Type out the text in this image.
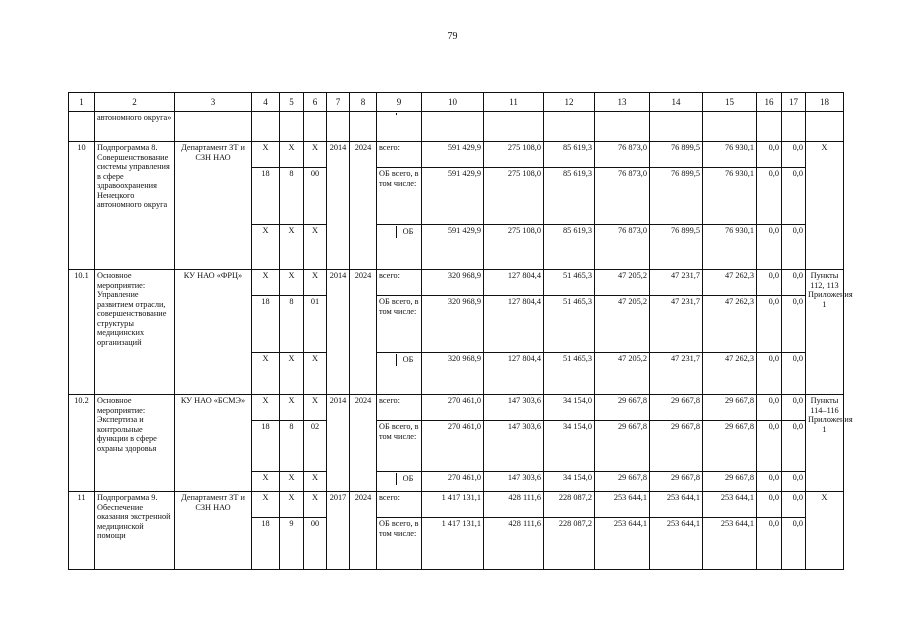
79
1	2	3	4	5	6	7	8	9	10	11	12	13	14	15	16	17	18
	автономного округа»							

10	Подпрограмма 8. Совершенствование системы управления в сфере здравоохранения Ненецкого автономного округа	Департамент ЗТ и СЗН НАО	X	X	X	2014	2024	всего:	591 429,9	275 108,0	85 619,3	76 873,0	76 899,5	76 930,1	0,0	0,0	X
			18	8	00			ОБ всего, в том числе:	591 429,9	275 108,0	85 619,3	76 873,0	76 899,5	76 930,1	0,0	0,0	
			X	X	X			ОБ	591 429,9	275 108,0	85 619,3	76 873,0	76 899,5	76 930,1	0,0	0,0	
10.1	Основное мероприятие: Управление развитием отрасли, совершенствование структуры медицинских организаций	КУ НАО «ФРЦ»	X	X	X	2014	2024	всего:	320 968,9	127 804,4	51 465,3	47 205,2	47 231,7	47 262,3	0,0	0,0	Пункты 112, 113 Приложения 1
			18	8	01			ОБ всего, в том числе:	320 968,9	127 804,4	51 465,3	47 205,2	47 231,7	47 262,3	0,0	0,0	
			X	X	X			ОБ	320 968,9	127 804,4	51 465,3	47 205,2	47 231,7	47 262,3	0,0	0,0	
10.2	Основное мероприятие: Экспертиза и контрольные функции в сфере охраны здоровья	КУ НАО «БСМЭ»	X	X	X	2014	2024	всего:	270 461,0	147 303,6	34 154,0	29 667,8	29 667,8	29 667,8	0,0	0,0	Пункты 114–116 Приложения 1
			18	8	02			ОБ всего, в том числе:	270 461,0	147 303,6	34 154,0	29 667,8	29 667,8	29 667,8	0,0	0,0	
			X	X	X			ОБ	270 461,0	147 303,6	34 154,0	29 667,8	29 667,8	29 667,8	0,0	0,0	
11	Подпрограмма 9. Обеспечение оказания экстренной медицинской помощи	Департамент ЗТ и СЗН НАО	X	X	X	2017	2024	всего:	1 417 131,1	428 111,6	228 087,2	253 644,1	253 644,1	253 644,1	0,0	0,0	X
			18	9	00			ОБ всего, в том числе:	1 417 131,1	428 111,6	228 087,2	253 644,1	253 644,1	253 644,1	0,0	0,0	
